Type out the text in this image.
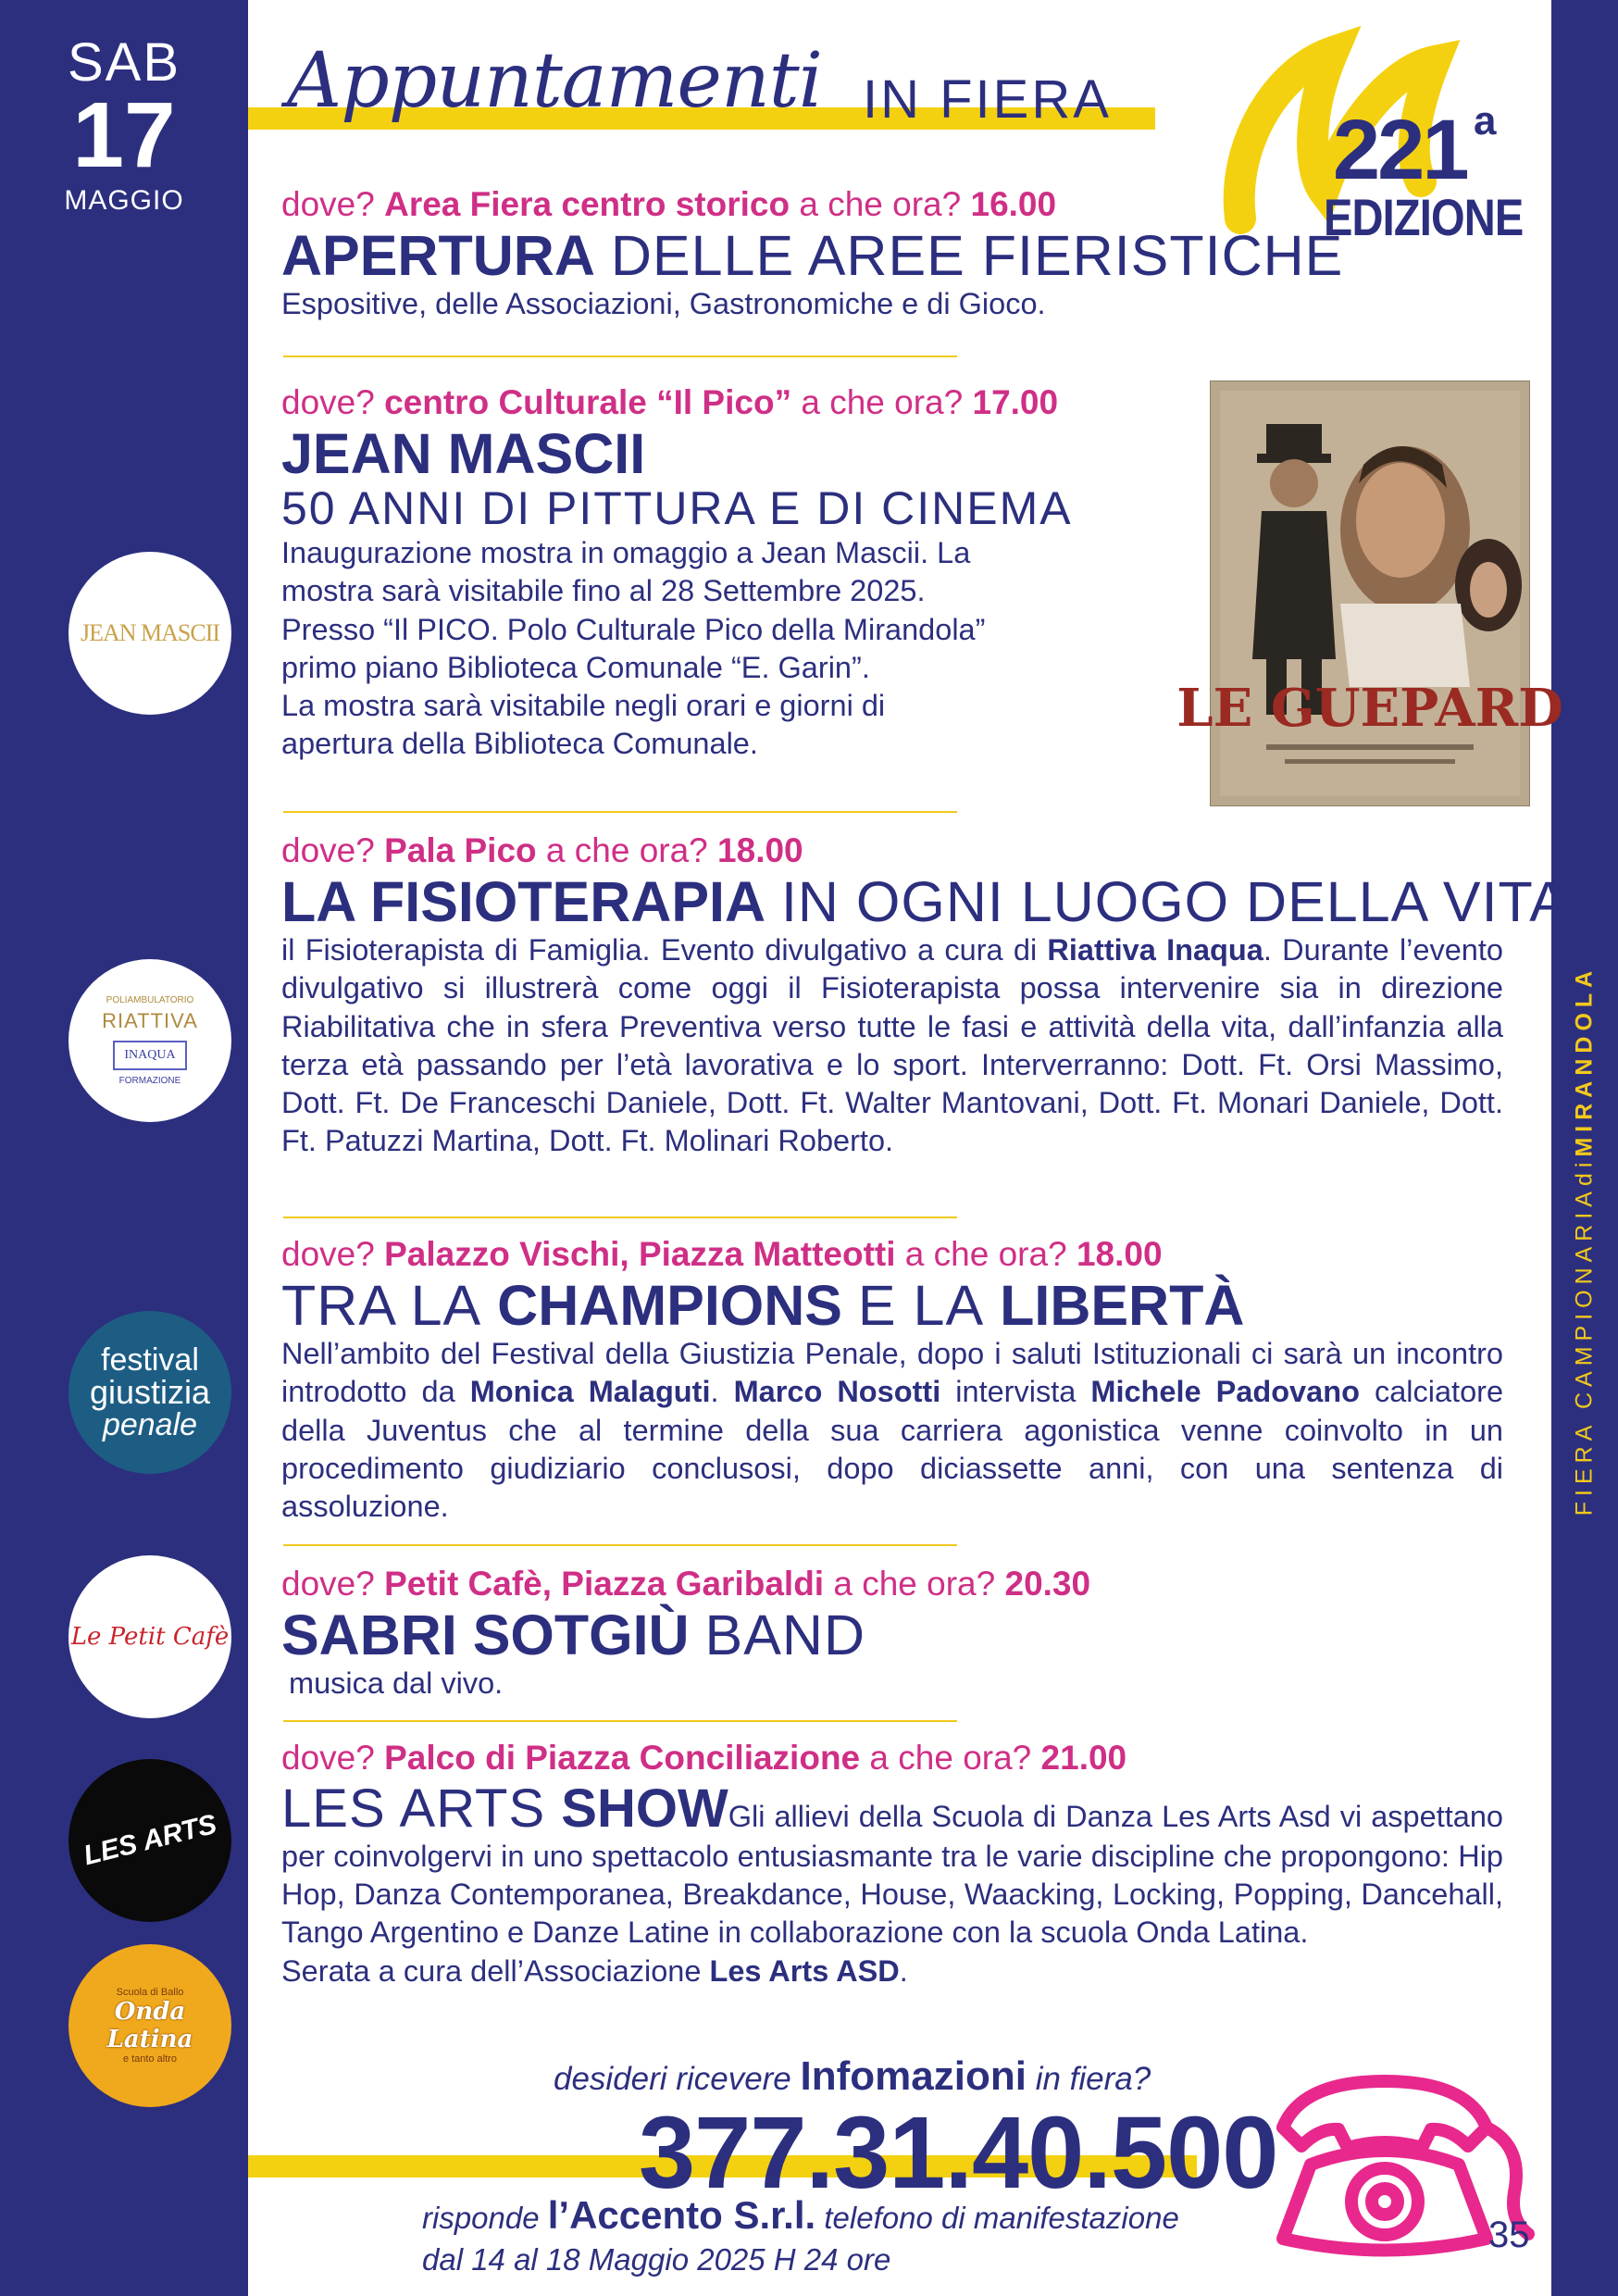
SAB
17
MAGGIO
FIERA CAMPIONARIAdiMIRANDOLA
Appuntamenti IN FIERA
221 a
EDIZIONE
dove? Area Fiera centro storico a che ora? 16.00
APERTURA DELLE AREE FIERISTICHE
Espositive, delle Associazioni, Gastronomiche e di Gioco.
dove? centro Culturale “Il Pico” a che ora? 17.00
JEAN MASCII
50 ANNI DI PITTURA E DI CINEMA
Inaugurazione mostra in omaggio a Jean Mascii. La
mostra sarà visitabile fino al 28 Settembre 2025.
Presso “Il PICO. Polo Culturale Pico della Mirandola”
primo piano Biblioteca Comunale “E. Garin”.
La mostra sarà visitabile negli orari e giorni di
apertura della Biblioteca Comunale.
LE GUEPARD
dove? Pala Pico a che ora? 18.00
LA FISIOTERAPIA IN OGNI LUOGO DELLA VITA
il Fisioterapista di Famiglia. Evento divulgativo a cura di Riattiva Inaqua. Durante l’evento divulgativo si illustrerà come oggi il Fisioterapista possa intervenire sia in direzione Riabilitativa che in sfera Preventiva verso tutte le fasi e attività della vita, dall’infanzia alla terza età passando per l’età lavorativa e lo sport. Interverranno: Dott. Ft. Orsi Massimo, Dott. Ft. De Franceschi Daniele, Dott. Ft. Walter Mantovani, Dott. Ft. Monari Daniele, Dott. Ft. Patuzzi Martina, Dott. Ft. Molinari Roberto.
dove? Palazzo Vischi, Piazza Matteotti a che ora? 18.00
TRA LA CHAMPIONS E LA LIBERTÀ
Nell’ambito del Festival della Giustizia Penale, dopo i saluti Istituzionali ci sarà un incontro introdotto da Monica Malaguti. Marco Nosotti intervista Michele Padovano calciatore della Juventus che al termine della sua carriera agonistica venne coinvolto in un procedimento giudiziario conclusosi, dopo diciassette anni, con una sentenza di assoluzione.
dove? Petit Cafè, Piazza Garibaldi a che ora? 20.30
SABRI SOTGIÙ BAND
musica dal vivo.
dove? Palco di Piazza Conciliazione a che ora? 21.00
LES ARTS SHOWGli allievi della Scuola di Danza Les Arts Asd vi aspettano per coinvolgervi in uno spettacolo entusiasmante tra le varie discipline che propongono: Hip Hop, Danza Contemporanea, Breakdance, House, Waacking, Locking, Popping, Dancehall, Tango Argentino e Danze Latine in collaborazione con la scuola Onda Latina.
Serata a cura dell’Associazione Les Arts ASD.
JEAN MASCII
POLIAMBULATORIO
RIATTIVA
INAQUA
FORMAZIONE
festival
giustizia
penale
Le Petit Cafè
LES ARTS
Scuola di Ballo
Onda Latina
e tanto altro
desideri ricevere Infomazioni in fiera?
377.31.40.500
risponde l’Accento S.r.l. telefono di manifestazione
dal 14 al 18 Maggio 2025 H 24 ore
35
